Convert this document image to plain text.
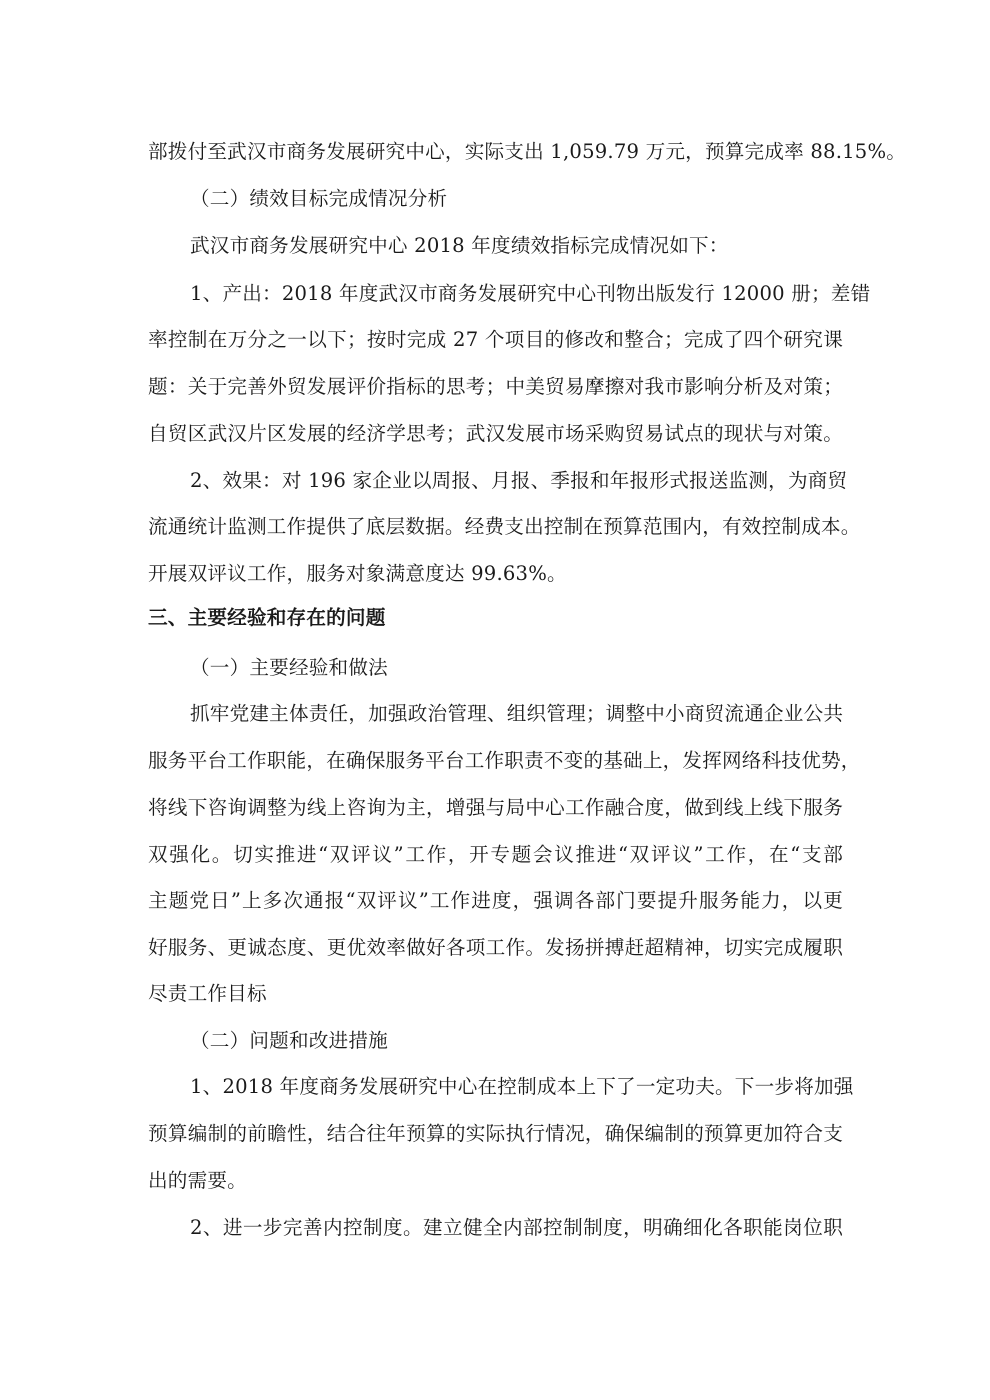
部拨付至武汉市商务发展研究中心，实际支出 1,059.79 万元，预算完成率 88.15%。
（二）绩效目标完成情况分析
武汉市商务发展研究中心 2018 年度绩效指标完成情况如下：
1、产出：2018 年度武汉市商务发展研究中心刊物出版发行 12000 册；差错
率控制在万分之一以下；按时完成 27 个项目的修改和整合；完成了四个研究课
题：关于完善外贸发展评价指标的思考；中美贸易摩擦对我市影响分析及对策；
自贸区武汉片区发展的经济学思考；武汉发展市场采购贸易试点的现状与对策。
2、效果：对 196 家企业以周报、月报、季报和年报形式报送监测，为商贸
流通统计监测工作提供了底层数据。经费支出控制在预算范围内，有效控制成本。
开展双评议工作，服务对象满意度达 99.63%。
三、主要经验和存在的问题
（一）主要经验和做法
抓牢党建主体责任，加强政治管理、组织管理；调整中小商贸流通企业公共
服务平台工作职能，在确保服务平台工作职责不变的基础上，发挥网络科技优势，
将线下咨询调整为线上咨询为主，增强与局中心工作融合度，做到线上线下服务
双强化。切实推进“双评议”工作，开专题会议推进“双评议”工作，在“支部
主题党日”上多次通报“双评议”工作进度，强调各部门要提升服务能力，以更
好服务、更诚态度、更优效率做好各项工作。发扬拼搏赶超精神，切实完成履职
尽责工作目标
（二）问题和改进措施
1、2018 年度商务发展研究中心在控制成本上下了一定功夫。下一步将加强
预算编制的前瞻性，结合往年预算的实际执行情况，确保编制的预算更加符合支
出的需要。
2、进一步完善内控制度。建立健全内部控制制度，明确细化各职能岗位职
